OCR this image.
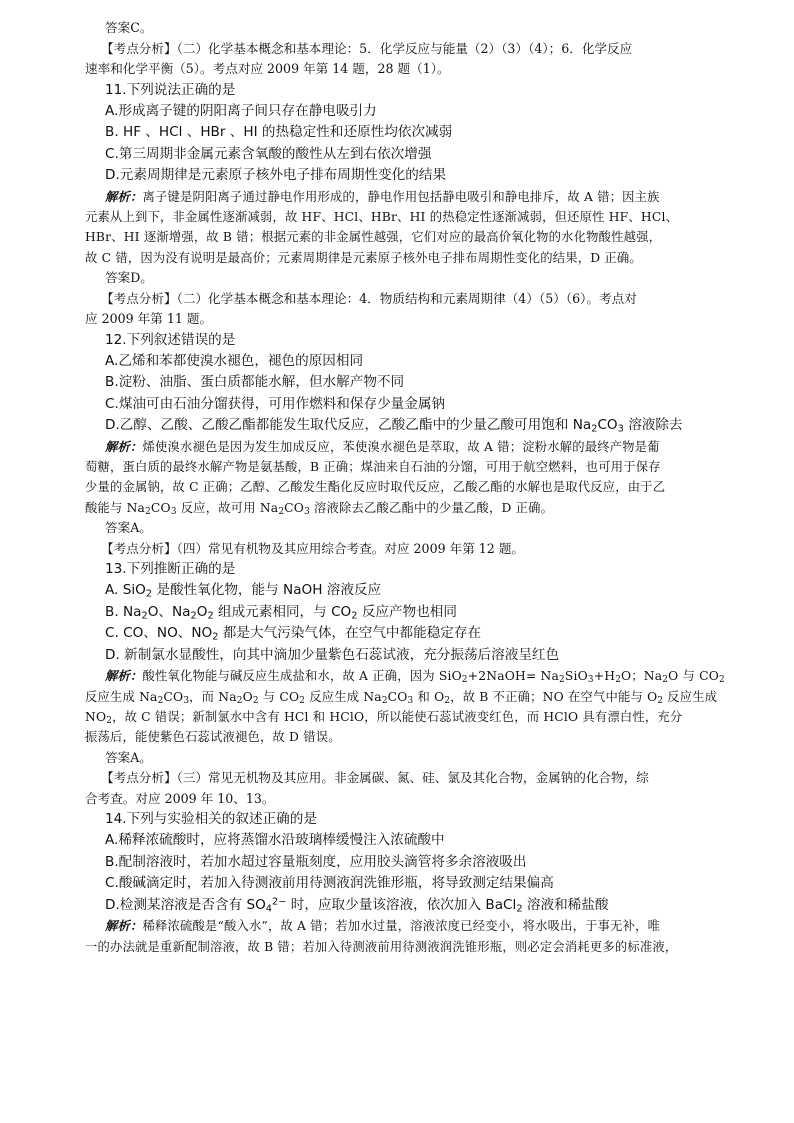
答案C。
【考点分析】（二）化学基本概念和基本理论：5．化学反应与能量（2）（3）（4）；6．化学反应
速率和化学平衡（5）。考点对应 2009 年第 14 题，28 题（1）。
11.下列说法正确的是
A.形成离子键的阴阳离子间只存在静电吸引力
B. HF 、HCl 、HBr 、HI 的热稳定性和还原性均依次减弱
C.第三周期非金属元素含氧酸的酸性从左到右依次增强
D.元素周期律是元素原子核外电子排布周期性变化的结果
解析：离子键是阴阳离子通过静电作用形成的，静电作用包括静电吸引和静电排斥，故 A 错；因主族
元素从上到下，非金属性逐渐减弱，故 HF、HCl、HBr、HI 的热稳定性逐渐减弱，但还原性 HF、HCl、
HBr、HI 逐渐增强，故 B 错；根据元素的非金属性越强，它们对应的最高价氧化物的水化物酸性越强，
故 C 错，因为没有说明是最高价；元素周期律是元素原子核外电子排布周期性变化的结果，D 正确。
答案D。
【考点分析】（二）化学基本概念和基本理论：4．物质结构和元素周期律（4）（5）（6）。考点对
应 2009 年第 11 题。
12.下列叙述错误的是
A.乙烯和苯都使溴水褪色，褪色的原因相同
B.淀粉、油脂、蛋白质都能水解，但水解产物不同
C.煤油可由石油分馏获得，可用作燃料和保存少量金属钠
D.乙醇、乙酸、乙酸乙酯都能发生取代反应，乙酸乙酯中的少量乙酸可用饱和 $Na_2CO_3$ 溶液除去
解析：烯使溴水褪色是因为发生加成反应，苯使溴水褪色是萃取，故 A 错；淀粉水解的最终产物是葡
萄糖，蛋白质的最终水解产物是氨基酸，B 正确；煤油来自石油的分馏，可用于航空燃料，也可用于保存
少量的金属钠，故 C 正确；乙醇、乙酸发生酯化反应时取代反应，乙酸乙酯的水解也是取代反应，由于乙
酸能与 $Na_2CO_3$ 反应，故可用 $Na_2CO_3$ 溶液除去乙酸乙酯中的少量乙酸，D 正确。
答案A。
【考点分析】（四）常见有机物及其应用综合考查。对应 2009 年第 12 题。
13.下列推断正确的是
A. SiO$_2$ 是酸性氧化物，能与 NaOH 溶液反应
B. $Na_2O$、$Na_2O_2$ 组成元素相同，与 $CO_2$ 反应产物也相同
C. CO、NO、$NO_2$ 都是大气污染气体，在空气中都能稳定存在
D. 新制氯水显酸性，向其中滴加少量紫色石蕊试液，充分振荡后溶液呈红色
解析：酸性氧化物能与碱反应生成盐和水，故 A 正确，因为 SiO$_2$+2NaOH= $Na_2SiO_3+H_2O$；$Na_2O$ 与 $CO_2$
反应生成 $Na_2CO_3$，而 $Na_2O_2$ 与 $CO_2$ 反应生成 $Na_2CO_3$ 和 $O_2$，故 B 不正确；NO 在空气中能与 $O_2$ 反应生成
$NO_2$，故 C 错误；新制氯水中含有 HCl 和 HClO，所以能使石蕊试液变红色，而 HClO 具有漂白性，充分
振荡后，能使紫色石蕊试液褪色，故 D 错误。
答案A。
【考点分析】（三）常见无机物及其应用。非金属碳、氮、硅、氯及其化合物，金属钠的化合物，综
合考查。对应 2009 年 10、13。
14.下列与实验相关的叙述正确的是
A.稀释浓硫酸时，应将蒸馏水沿玻璃棒缓慢注入浓硫酸中
B.配制溶液时，若加水超过容量瓶刻度，应用胶头滴管将多余溶液吸出
C.酸碱滴定时，若加入待测液前用待测液润洗锥形瓶，将导致测定结果偏高
D.检测某溶液是否含有 $SO_4^{2-}$ 时，应取少量该溶液，依次加入 BaCl$_2$ 溶液和稀盐酸
解析：稀释浓硫酸是“酸入水”，故 A 错；若加水过量，溶液浓度已经变小，将水吸出，于事无补，唯
一的办法就是重新配制溶液，故 B 错；若加入待测液前用待测液润洗锥形瓶，则必定会消耗更多的标准液，
